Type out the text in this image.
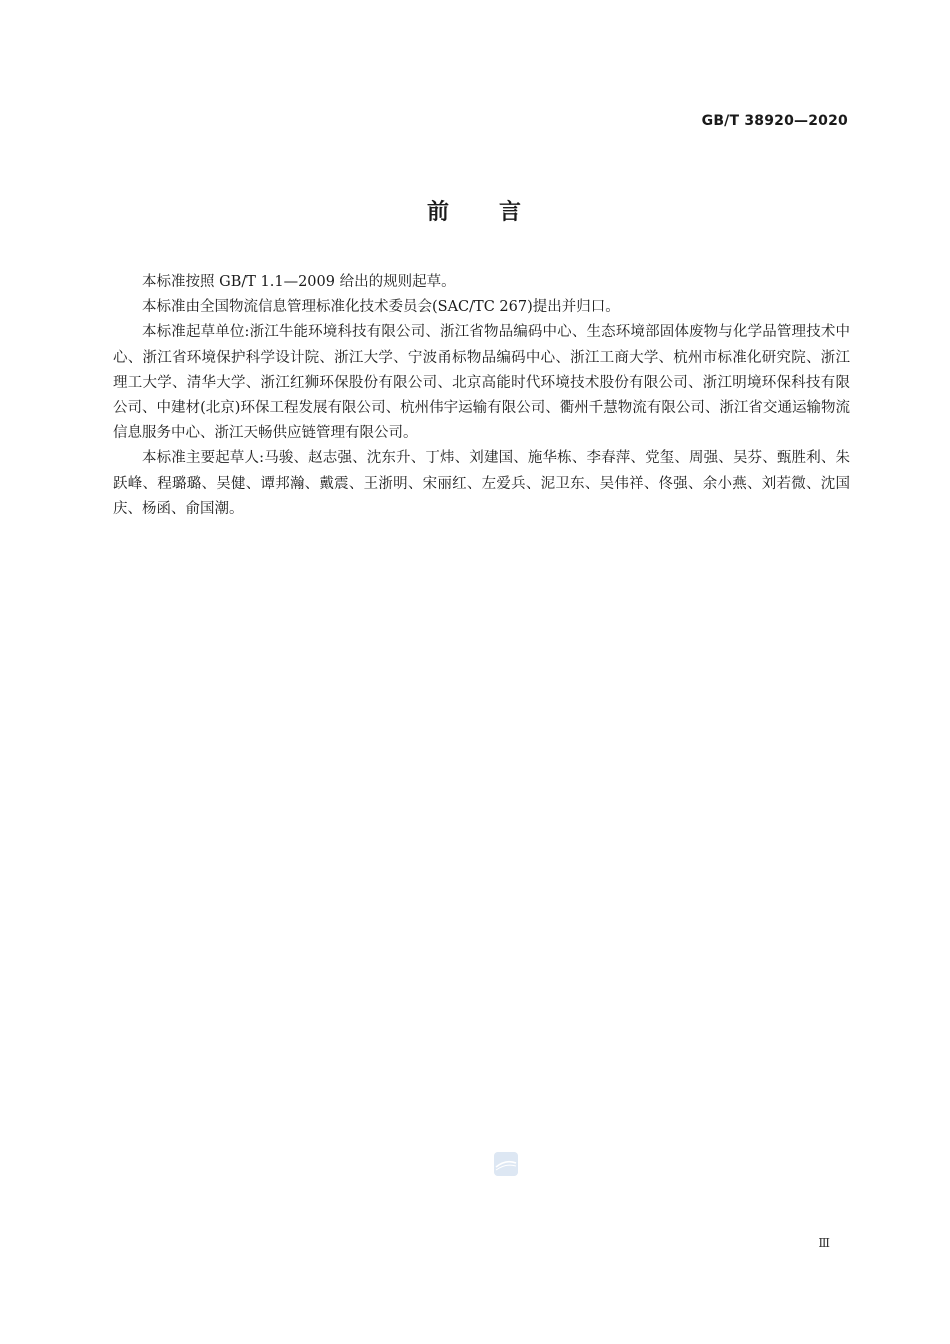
GB/T 38920—2020
前　　言

本标准按照 GB/T 1.1—2009 给出的规则起草。

本标准由全国物流信息管理标准化技术委员会(SAC/TC 267)提出并归口。

本标准起草单位:浙江牛能环境科技有限公司、浙江省物品编码中心、生态环境部固体废物与化学品管理技术中心、浙江省环境保护科学设计院、浙江大学、宁波甬标物品编码中心、浙江工商大学、杭州市标准化研究院、浙江理工大学、清华大学、浙江红狮环保股份有限公司、北京高能时代环境技术股份有限公司、浙江明境环保科技有限公司、中建材(北京)环保工程发展有限公司、杭州伟宇运输有限公司、衢州千慧物流有限公司、浙江省交通运输物流信息服务中心、浙江天畅供应链管理有限公司。

本标准主要起草人:马骏、赵志强、沈东升、丁炜、刘建国、施华栋、李春萍、党玺、周强、吴芬、甄胜利、朱跃峰、程璐璐、吴健、谭邦瀚、戴震、王浙明、宋丽红、左爱兵、泥卫东、吴伟祥、佟强、余小燕、刘若微、沈国庆、杨函、俞国潮。

Ⅲ
